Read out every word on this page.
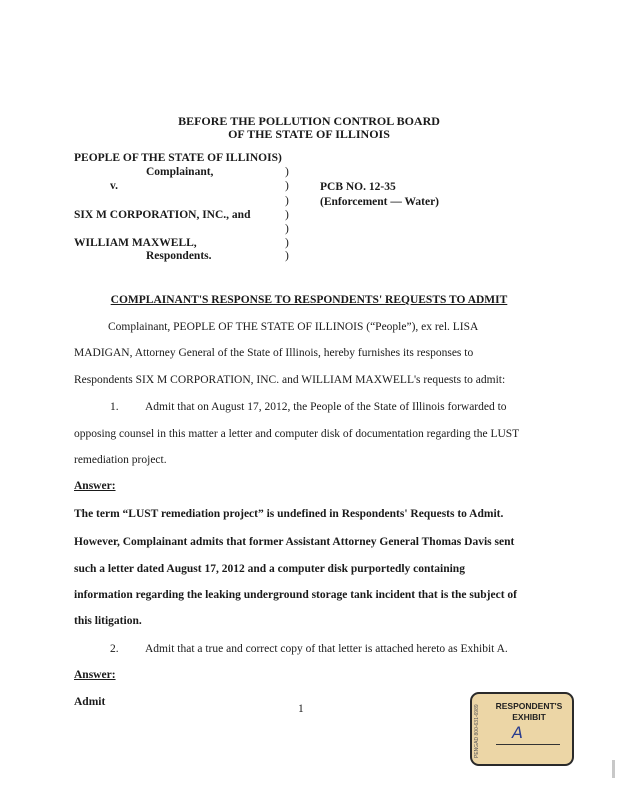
BEFORE THE POLLUTION CONTROL BOARD
OF THE STATE OF ILLINOIS
PEOPLE OF THE STATE OF ILLINOIS)
Complainant,
v.
SIX M CORPORATION, INC., and
WILLIAM MAXWELL,
Respondents.
)
)
)
)
)
)
)
PCB NO. 12-35
(Enforcement — Water)
COMPLAINANT'S RESPONSE TO RESPONDENTS' REQUESTS TO ADMIT
Complainant, PEOPLE OF THE STATE OF ILLINOIS (“People”), ex rel. LISA
MADIGAN, Attorney General of the State of Illinois, hereby furnishes its responses to
Respondents SIX M CORPORATION, INC. and WILLIAM MAXWELL's requests to admit:
1. Admit that on August 17, 2012, the People of the State of Illinois forwarded to
opposing counsel in this matter a letter and computer disk of documentation regarding the LUST
remediation project.
Answer:
The term “LUST remediation project” is undefined in Respondents' Requests to Admit.
However, Complainant admits that former Assistant Attorney General Thomas Davis sent
such a letter dated August 17, 2012 and a computer disk purportedly containing
information regarding the leaking underground storage tank incident that is the subject of
this litigation.
2. Admit that a true and correct copy of that letter is attached hereto as Exhibit A.
Answer:
Admit
1	PENGAD 800-631-6989	RESPONDENT'S
EXHIBIT
A
